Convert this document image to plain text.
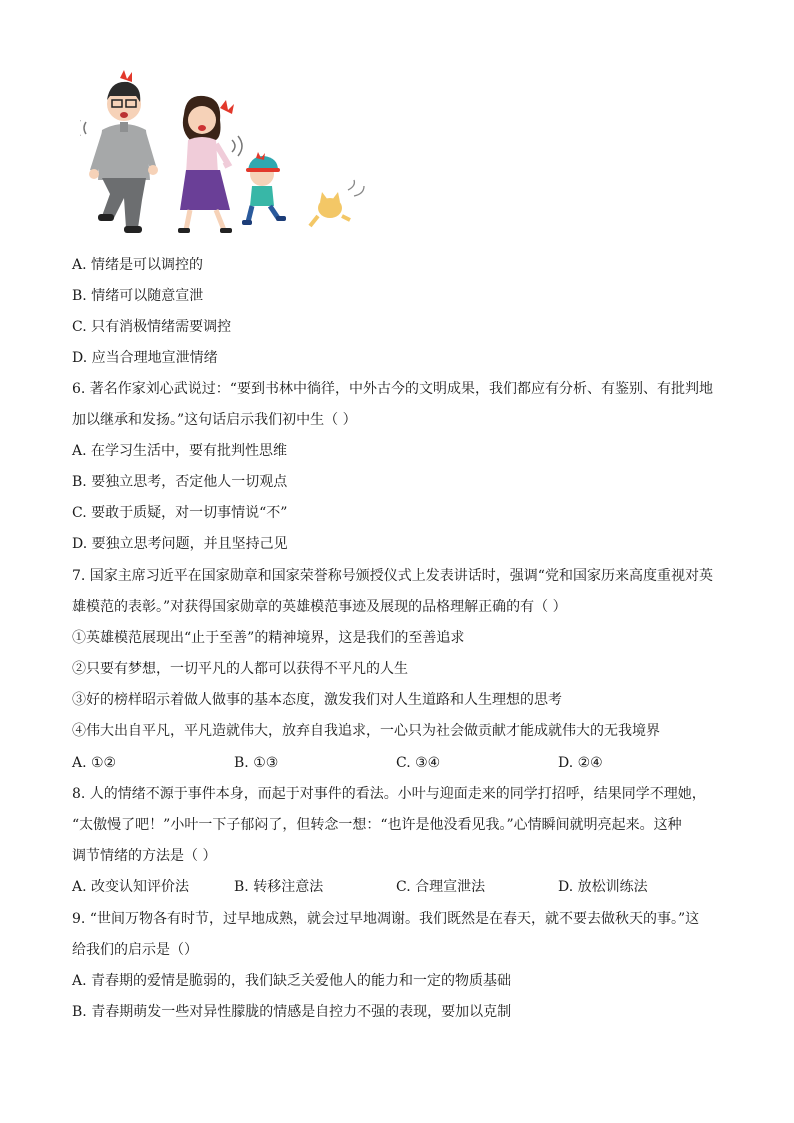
A. 情绪是可以调控的
B. 情绪可以随意宣泄
C. 只有消极情绪需要调控
D. 应当合理地宣泄情绪
6. 著名作家刘心武说过：“要到书林中徜徉，中外古今的文明成果，我们都应有分析、有鉴别、有批判地
加以继承和发扬。”这句话启示我们初中生（ ）
A. 在学习生活中，要有批判性思维
B. 要独立思考，否定他人一切观点
C. 要敢于质疑，对一切事情说“不”
D. 要独立思考问题，并且坚持己见
7. 国家主席习近平在国家勋章和国家荣誉称号颁授仪式上发表讲话时，强调“党和国家历来高度重视对英
雄模范的表彰。”对获得国家勋章的英雄模范事迹及展现的品格理解正确的有（ ）
①英雄模范展现出“止于至善”的精神境界，这是我们的至善追求
②只要有梦想，一切平凡的人都可以获得不平凡的人生
③好的榜样昭示着做人做事的基本态度，激发我们对人生道路和人生理想的思考
④伟大出自平凡，平凡造就伟大，放弃自我追求，一心只为社会做贡献才能成就伟大的无我境界
A. ①②	B. ①③	C. ③④	D. ②④
8. 人的情绪不源于事件本身，而起于对事件的看法。小叶与迎面走来的同学打招呼，结果同学不理她，
“太傲慢了吧！”小叶一下子郁闷了，但转念一想：“也许是他没看见我。”心情瞬间就明亮起来。这种
调节情绪的方法是（ ）
A. 改变认知评价法	B. 转移注意法	C. 合理宣泄法	D. 放松训练法
9. “世间万物各有时节，过早地成熟，就会过早地凋谢。我们既然是在春天，就不要去做秋天的事。”这
给我们的启示是（）
A. 青春期的爱情是脆弱的，我们缺乏关爱他人的能力和一定的物质基础
B. 青春期萌发一些对异性朦胧的情感是自控力不强的表现，要加以克制
